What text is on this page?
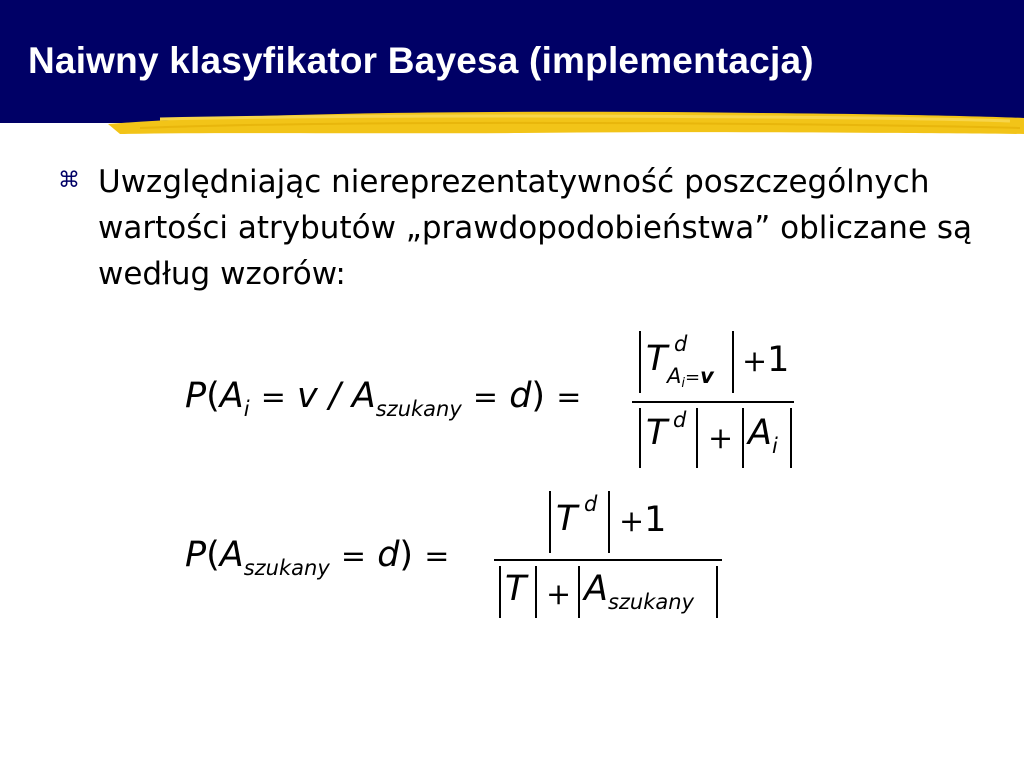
Naiwny klasyfikator Bayesa (implementacja)
⌘ Uwzględniając niereprezentatywność poszczególnych wartości atrybutów „prawdopodobieństwa” obliczane są według wzorów:

$P(A_i = v / A_{szukany} = d)$ =
T d
Ai=v +1
T d
+ $A_i$
$P(A_{szukany} = d)$ =
T d +1
$T + A_{szukany}$
